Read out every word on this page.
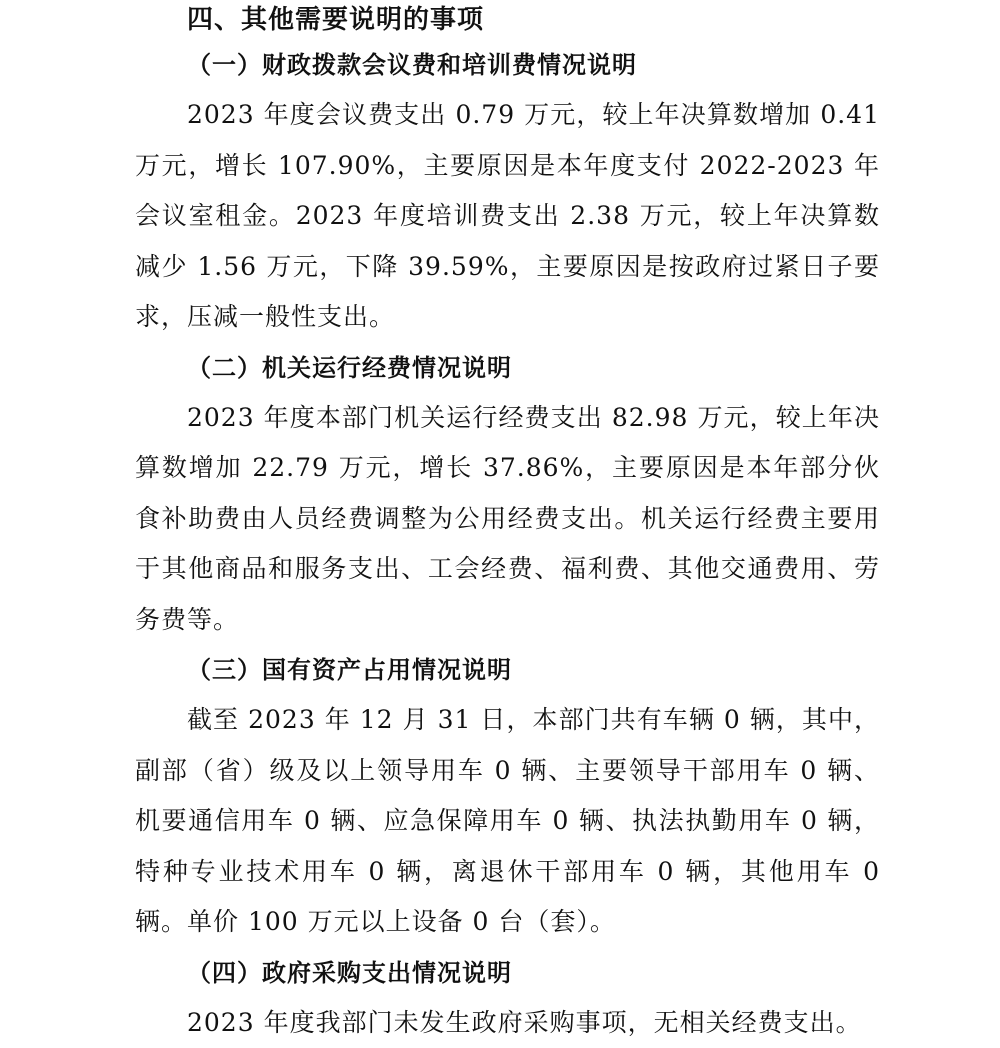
四、其他需要说明的事项
（一）财政拨款会议费和培训费情况说明

2023 年度会议费支出 0.79 万元，较上年决算数增加 0.41 万元，增长 107.90%，主要原因是本年度支付 2022-2023 年会议室租金。2023 年度培训费支出 2.38 万元，较上年决算数减少 1.56 万元，下降 39.59%，主要原因是按政府过紧日子要求，压减一般性支出。

（二）机关运行经费情况说明

2023 年度本部门机关运行经费支出 82.98 万元，较上年决算数增加 22.79 万元，增长 37.86%，主要原因是本年部分伙食补助费由人员经费调整为公用经费支出。机关运行经费主要用于其他商品和服务支出、工会经费、福利费、其他交通费用、劳务费等。

（三）国有资产占用情况说明

截至 2023 年 12 月 31 日，本部门共有车辆 0 辆，其中，副部（省）级及以上领导用车 0 辆、主要领导干部用车 0 辆、机要通信用车 0 辆、应急保障用车 0 辆、执法执勤用车 0 辆，特种专业技术用车 0 辆，离退休干部用车 0 辆，其他用车 0 辆。单价 100 万元以上设备 0 台（套）。

（四）政府采购支出情况说明

2023 年度我部门未发生政府采购事项，无相关经费支出。
